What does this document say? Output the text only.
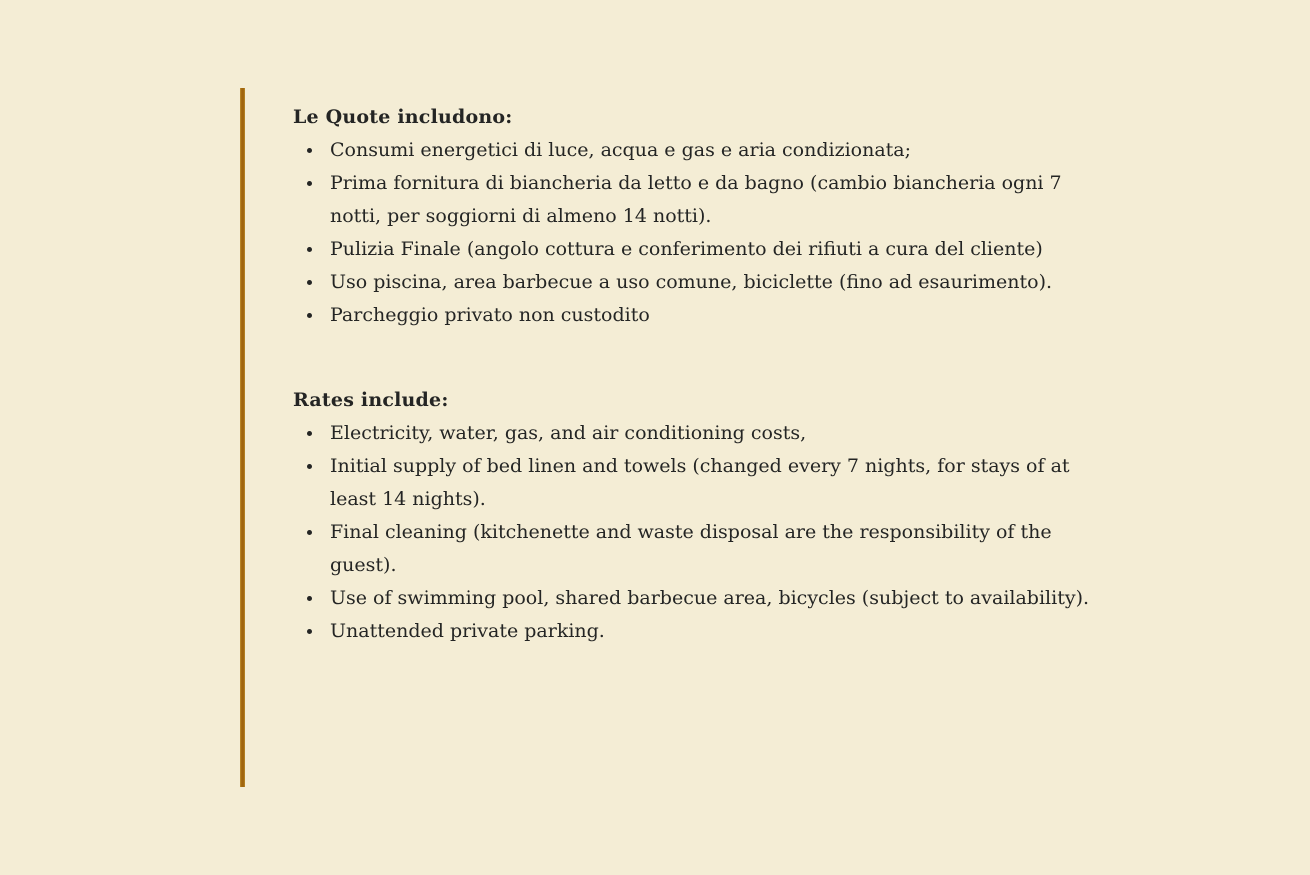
Le Quote includono:
Consumi energetici di luce, acqua e gas e aria condizionata;
Prima fornitura di biancheria da letto e da bagno (cambio biancheria ogni 7 notti, per soggiorni di almeno 14 notti).
Pulizia Finale (angolo cottura e conferimento dei rifiuti a cura del cliente)
Uso piscina, area barbecue a uso comune, biciclette (fino ad esaurimento).
Parcheggio privato non custodito
Rates include:
Electricity, water, gas, and air conditioning costs,
Initial supply of bed linen and towels (changed every 7 nights, for stays of at least 14 nights).
Final cleaning (kitchenette and waste disposal are the responsibility of the guest).
Use of swimming pool, shared barbecue area, bicycles (subject to availability).
Unattended private parking.
